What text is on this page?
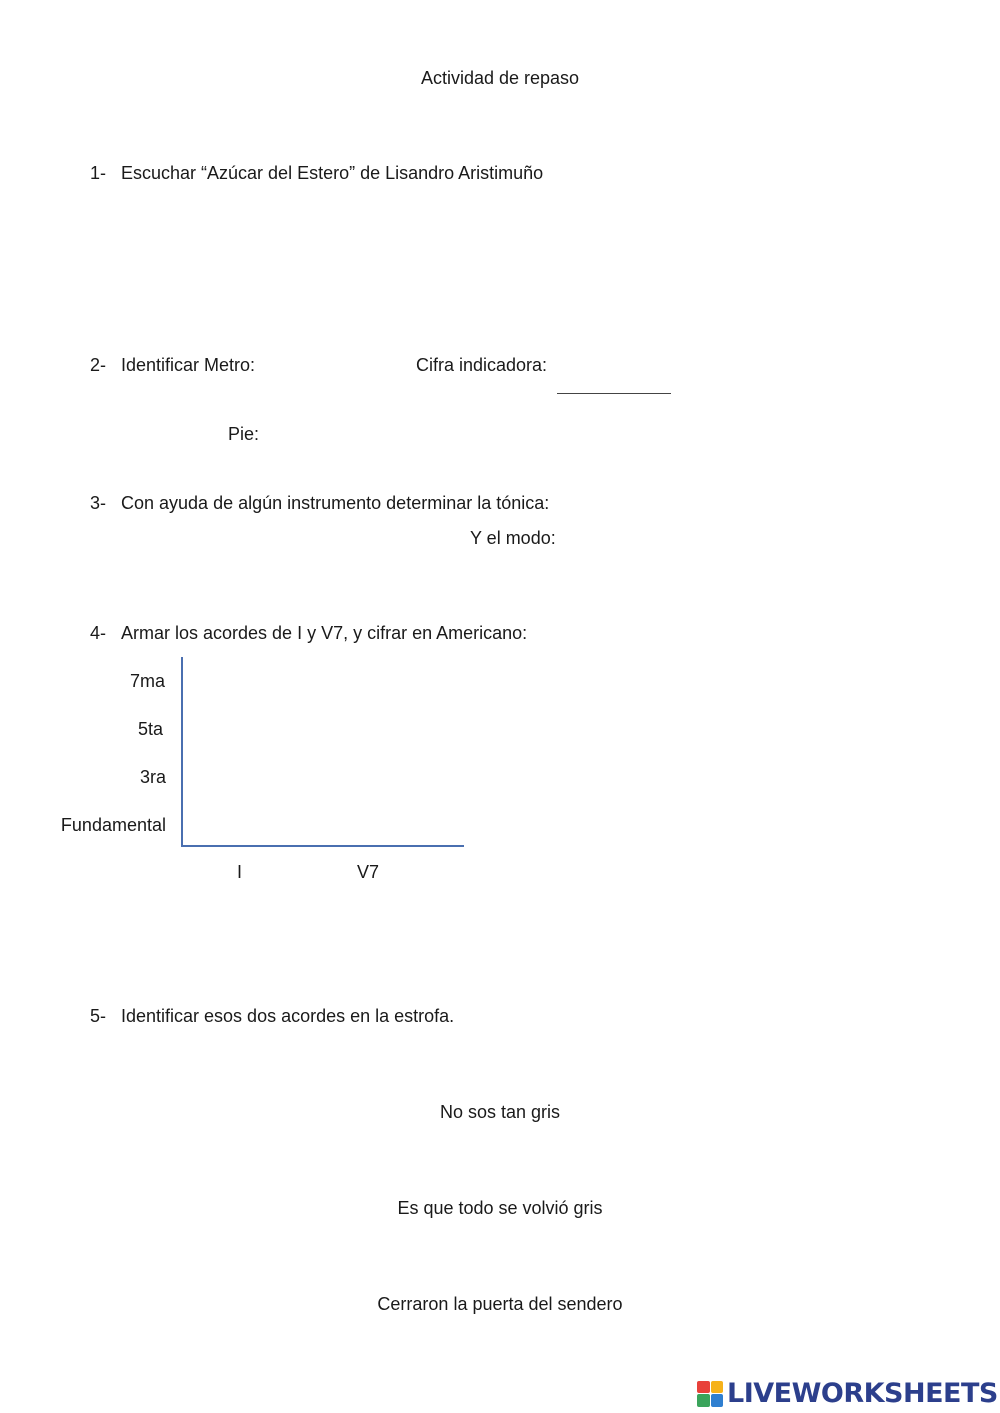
Actividad de repaso
1- Escuchar “Azúcar del Estero” de Lisandro Aristimuño
2- Identificar Metro:	Cifra indicadora:
Pie:
3- Con ayuda de algún instrumento determinar la tónica:
Y el modo:
4- Armar los acordes de I y V7, y cifrar en Americano:
7ma
5ta
3ra
Fundamental
I	V7
5- Identificar esos dos acordes en la estrofa.
No sos tan gris
Es que todo se volvió gris
Cerraron la puerta del sendero
LIVEWORKSHEETS
